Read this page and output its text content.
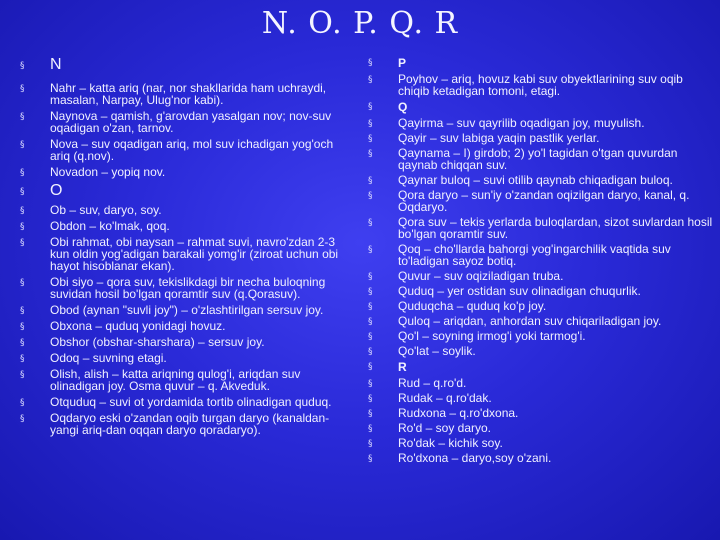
N. O. P. Q. R
§ N
§ Nahr – katta ariq (nar, nor shakllarida ham uchraydi, masalan, Narpay, Ulug'nor kabi).
§ Naynova – qamish, g'arovdan yasalgan nov; nov-suv oqadigan o'zan, tarnov.
§ Nova – suv oqadigan ariq, mol suv ichadigan yog'och ariq (q.nov).
§ Novadon – yopiq nov.
§ O
§ Ob – suv, daryo, soy.
§ Obdon – ko'lmak, qoq.
§ Obi rahmat, obi naysan – rahmat suvi, navro'zdan 2-3 kun oldin yog'adigan barakali yomg'ir (ziroat uchun obi hayot hisoblanar ekan).
§ Obi siyo – qora suv, tekislikdagi bir necha buloqning suvidan hosil bo'lgan qoramtir suv (q.Qorasuv).
§ Obod (aynan "suvli joy") – o'zlashtirilgan sersuv joy.
§ Obxona – quduq yonidagi hovuz.
§ Obshor (obshar-sharshara) – sersuv joy.
§ Odoq – suvning etagi.
§ Olish, alish – katta ariqning qulog'i, ariqdan suv olinadigan joy. Osma quvur – q. Akveduk.
§ Otquduq – suvi ot yordamida tortib olinadigan quduq.
§ Oqdaryo eski o'zandan oqib turgan daryo (kanaldan-yangi ariq-dan oqqan daryo qoradaryo).
§ P
§ Poyhov – ariq, hovuz kabi suv obyektlarining suv oqib chiqib ketadigan tomoni, etagi.
§ Q
§ Qayirma – suv qayrilib oqadigan joy, muyulish.
§ Qayir – suv labiga yaqin pastlik yerlar.
§ Qaynama – I) girdob; 2) yo'l tagidan o'tgan quvurdan qaynab chiqqan suv.
§ Qaynar buloq – suvi otilib qaynab chiqadigan buloq.
§ Qora daryo – sun'iy o'zandan oqizilgan daryo, kanal, q. Oqdaryo.
§ Qora suv – tekis yerlarda buloqlardan, sizot suvlardan hosil bo'lgan qoramtir suv.
§ Qoq – cho'llarda bahorgi yog'ingarchilik vaqtida suv to'ladigan sayoz botiq.
§ Quvur – suv oqiziladigan truba.
§ Quduq – yer ostidan suv olinadigan chuqurlik.
§ Quduqcha – quduq ko'p joy.
§ Quloq – ariqdan, anhordan suv chiqariladigan joy.
§ Qo'l – soyning irmog'i yoki tarmog'i.
§ Qo'lat – soylik.
§ R
§ Rud – q.ro'd.
§ Rudak – q.ro'dak.
§ Rudxona – q.ro'dxona.
§ Ro'd – soy daryo.
§ Ro'dak – kichik soy.
§ Ro'dxona – daryo,soy o'zani.
